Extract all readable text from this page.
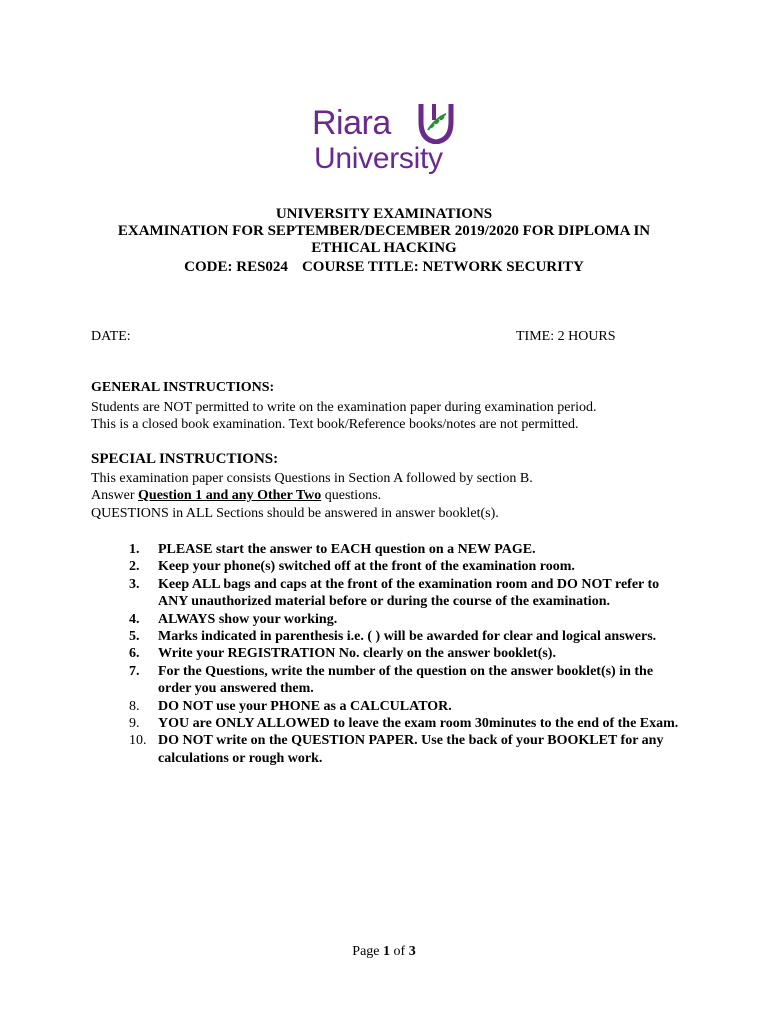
Riara
University
UNIVERSITY EXAMINATIONS
EXAMINATION FOR SEPTEMBER/DECEMBER 2019/2020 FOR DIPLOMA IN
ETHICAL HACKING
CODE: RES024 COURSE TITLE: NETWORK SECURITY
DATE:	TIME: 2 HOURS
GENERAL INSTRUCTIONS:
Students are NOT permitted to write on the examination paper during examination period.
This is a closed book examination. Text book/Reference books/notes are not permitted.
SPECIAL INSTRUCTIONS:
This examination paper consists Questions in Section A followed by section B.
Answer Question 1 and any Other Two questions.
QUESTIONS in ALL Sections should be answered in answer booklet(s).
1.	PLEASE start the answer to EACH question on a NEW PAGE.
2.	Keep your phone(s) switched off at the front of the examination room.
3.	Keep ALL bags and caps at the front of the examination room and DO NOT refer to ANY unauthorized material before or during the course of the examination.
4.	ALWAYS show your working.
5.	Marks indicated in parenthesis i.e. ( ) will be awarded for clear and logical answers.
6.	Write your REGISTRATION No. clearly on the answer booklet(s).
7.	For the Questions, write the number of the question on the answer booklet(s) in the order you answered them.
8.	DO NOT use your PHONE as a CALCULATOR.
9.	YOU are ONLY ALLOWED to leave the exam room 30minutes to the end of the Exam.
10. DO NOT write on the QUESTION PAPER. Use the back of your BOOKLET for any calculations or rough work.
Page 1 of 3
